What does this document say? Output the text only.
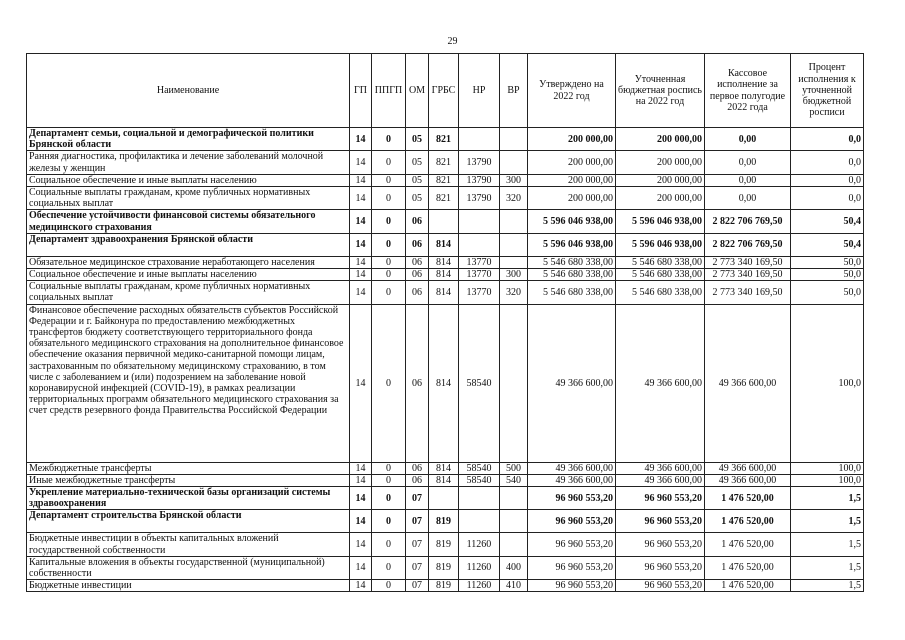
29
Наименование	ГП	ППГП	ОМ	ГРБС	НР	ВР	Утверждено на 2022 год	Уточненная бюджетная роспись на 2022 год	Кассовое исполнение за первое полугодие 2022 года	Процент исполнения к уточненной бюджетной росписи
Департамент семьи, социальной и демографической политики Брянской области	14	0	05	821			200 000,00	200 000,00	0,00	0,0
Ранняя диагностика, профилактика и лечение заболеваний молочной железы у женщин	14	0	05	821	13790		200 000,00	200 000,00	0,00	0,0
Социальное обеспечение и иные выплаты населению	14	0	05	821	13790	300	200 000,00	200 000,00	0,00	0,0
Социальные выплаты гражданам, кроме публичных нормативных социальных выплат	14	0	05	821	13790	320	200 000,00	200 000,00	0,00	0,0
Обеспечение устойчивости финансовой системы обязательного медицинского страхования	14	0	06				5 596 046 938,00	5 596 046 938,00	2 822 706 769,50	50,4
Департамент здравоохранения Брянской области	14	0	06	814			5 596 046 938,00	5 596 046 938,00	2 822 706 769,50	50,4
Обязательное медицинское страхование неработающего населения	14	0	06	814	13770		5 546 680 338,00	5 546 680 338,00	2 773 340 169,50	50,0
Социальное обеспечение и иные выплаты населению	14	0	06	814	13770	300	5 546 680 338,00	5 546 680 338,00	2 773 340 169,50	50,0
Социальные выплаты гражданам, кроме публичных нормативных социальных выплат	14	0	06	814	13770	320	5 546 680 338,00	5 546 680 338,00	2 773 340 169,50	50,0
Финансовое обеспечение расходных обязательств субъектов Российской Федерации и г. Байконура по предоставлению межбюджетных трансфертов бюджету соответствующего территориального фонда обязательного медицинского страхования на дополнительное финансовое обеспечение оказания первичной медико-санитарной помощи лицам, застрахованным по обязательному медицинскому страхованию, в том числе с заболеванием и (или) подозрением на заболевание новой коронавирусной инфекцией (COVID-19), в рамках реализации территориальных программ обязательного медицинского страхования за счет средств резервного фонда Правительства Российской Федерации	14	0	06	814	58540		49 366 600,00	49 366 600,00	49 366 600,00	100,0
Межбюджетные трансферты	14	0	06	814	58540	500	49 366 600,00	49 366 600,00	49 366 600,00	100,0
Иные межбюджетные трансферты	14	0	06	814	58540	540	49 366 600,00	49 366 600,00	49 366 600,00	100,0
Укрепление материально-технической базы организаций системы здравоохранения	14	0	07				96 960 553,20	96 960 553,20	1 476 520,00	1,5
Департамент строительства Брянской области	14	0	07	819			96 960 553,20	96 960 553,20	1 476 520,00	1,5
Бюджетные инвестиции в объекты капитальных вложений государственной собственности	14	0	07	819	11260		96 960 553,20	96 960 553,20	1 476 520,00	1,5
Капитальные вложения в объекты государственной (муниципальной) собственности	14	0	07	819	11260	400	96 960 553,20	96 960 553,20	1 476 520,00	1,5
Бюджетные инвестиции	14	0	07	819	11260	410	96 960 553,20	96 960 553,20	1 476 520,00	1,5
